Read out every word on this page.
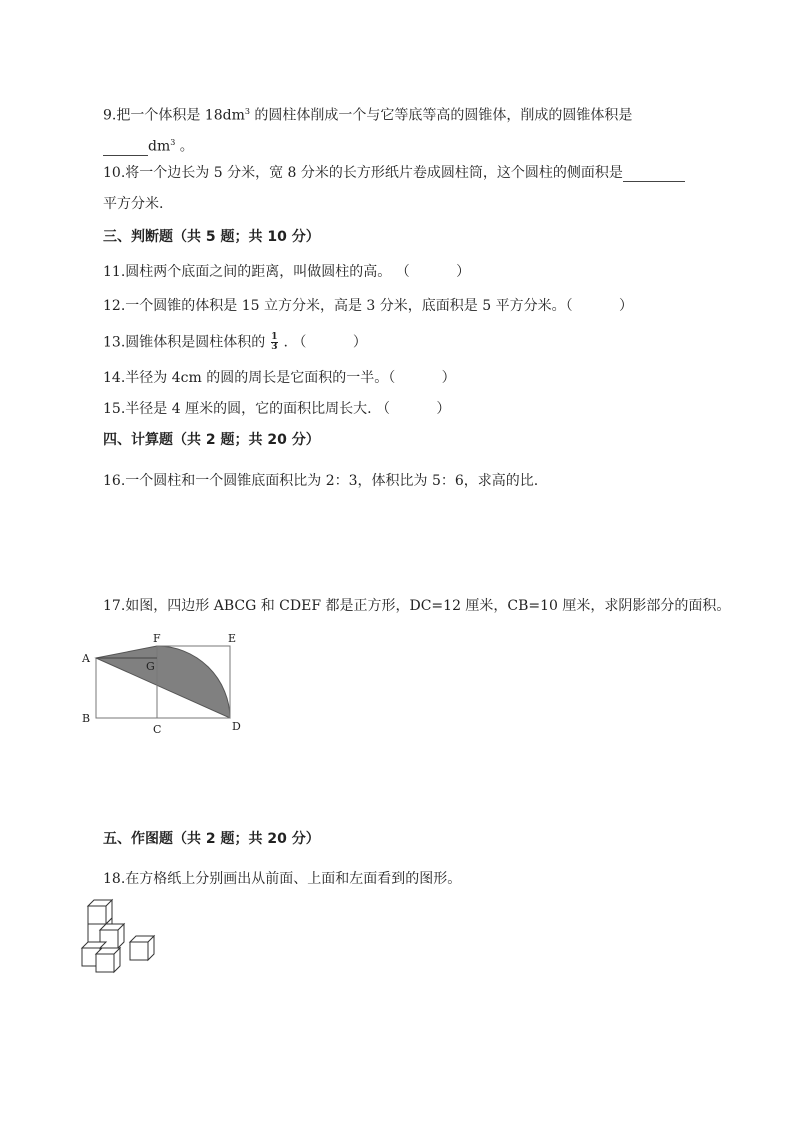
9.把一个体积是 $18dm^3$ 的圆柱体削成一个与它等底等高的圆锥体，削成的圆锥体积是
$dm^3$ 。
10.将一个边长为 5 分米，宽 8 分米的长方形纸片卷成圆柱筒，这个圆柱的侧面积是
平方分米.
三、判断题（共 5 题；共 10 分）
11.圆柱两个底面之间的距离，叫做圆柱的高。 （　　　 ）
12.一个圆锥的体积是 15 立方分米，高是 3 分米，底面积是 5 平方分米。（　　　 ）
13.圆锥体积是圆柱体积的 $\frac{1}{3}$ . （　　　 ）
14.半径为 4cm 的圆的周长是它面积的一半。（　　　 ）
15.半径是 4 厘米的圆，它的面积比周长大. （　　　 ）
四、计算题（共 2 题；共 20 分）
16.一个圆柱和一个圆锥底面积比为 2：3，体积比为 5：6，求高的比.
17.如图，四边形 ABCG 和 CDEF 都是正方形，DC=12 厘米，CB=10 厘米，求阴影部分的面积。
A
B
C	D
E
F
G
五、作图题（共 2 题；共 20 分）
18.在方格纸上分别画出从前面、上面和左面看到的图形。
